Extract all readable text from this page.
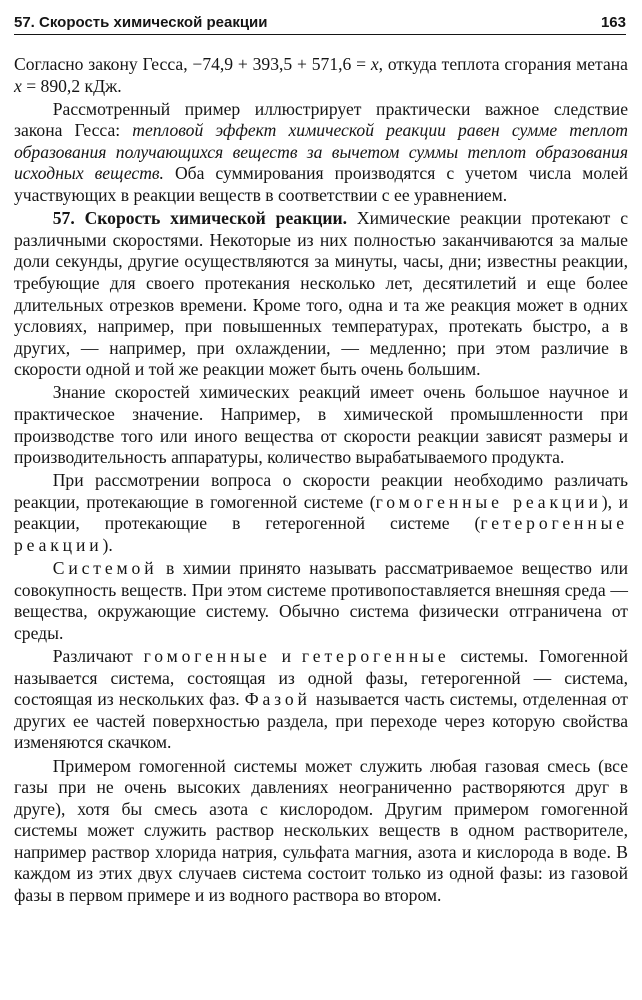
57. Скорость химической реакции	163

Согласно закону Гесса, −74,9 + 393,5 + 571,6 = x, откуда теплота сгорания метана x = 890,2 кДж.

Рассмотренный пример иллюстрирует практически важное следствие закона Гесса: тепловой эффект химической реакции равен сумме теплот образования получающихся веществ за вычетом суммы теплот образования исходных веществ. Оба суммирования производятся с учетом числа молей участвующих в реакции веществ в соответствии с ее уравнением.

57. Скорость химической реакции. Химические реакции протекают с различными скоростями. Некоторые из них полностью заканчиваются за малые доли секунды, другие осуществляются за минуты, часы, дни; известны реакции, требующие для своего протекания несколько лет, десятилетий и еще более длительных отрезков времени. Кроме того, одна и та же реакция может в одних условиях, например, при повышенных температурах, протекать быстро, а в других, — например, при охлаждении, — медленно; при этом различие в скорости одной и той же реакции может быть очень большим.

Знание скоростей химических реакций имеет очень большое научное и практическое значение. Например, в химической промышленности при производстве того или иного вещества от скорости реакции зависят размеры и производительность аппаратуры, количество вырабатываемого продукта.

При рассмотрении вопроса о скорости реакции необходимо различать реакции, протекающие в гомогенной системе (гомогенные реакции), и реакции, протекающие в гетерогенной системе (гетерогенные реакции).

Системой в химии принято называть рассматриваемое вещество или совокупность веществ. При этом системе противопоставляется внешняя среда — вещества, окружающие систему. Обычно система физически отграничена от среды.

Различают гомогенные и гетерогенные системы. Гомогенной называется система, состоящая из одной фазы, гетерогенной — система, состоящая из нескольких фаз. Фазой называется часть системы, отделенная от других ее частей поверхностью раздела, при переходе через которую свойства изменяются скачком.

Примером гомогенной системы может служить любая газовая смесь (все газы при не очень высоких давлениях неограниченно растворяются друг в друге), хотя бы смесь азота с кислородом. Другим примером гомогенной системы может служить раствор нескольких веществ в одном растворителе, например раствор хлорида натрия, сульфата магния, азота и кислорода в воде. В каждом из этих двух случаев система состоит только из одной фазы: из газовой фазы в первом примере и из водного раствора во втором.
